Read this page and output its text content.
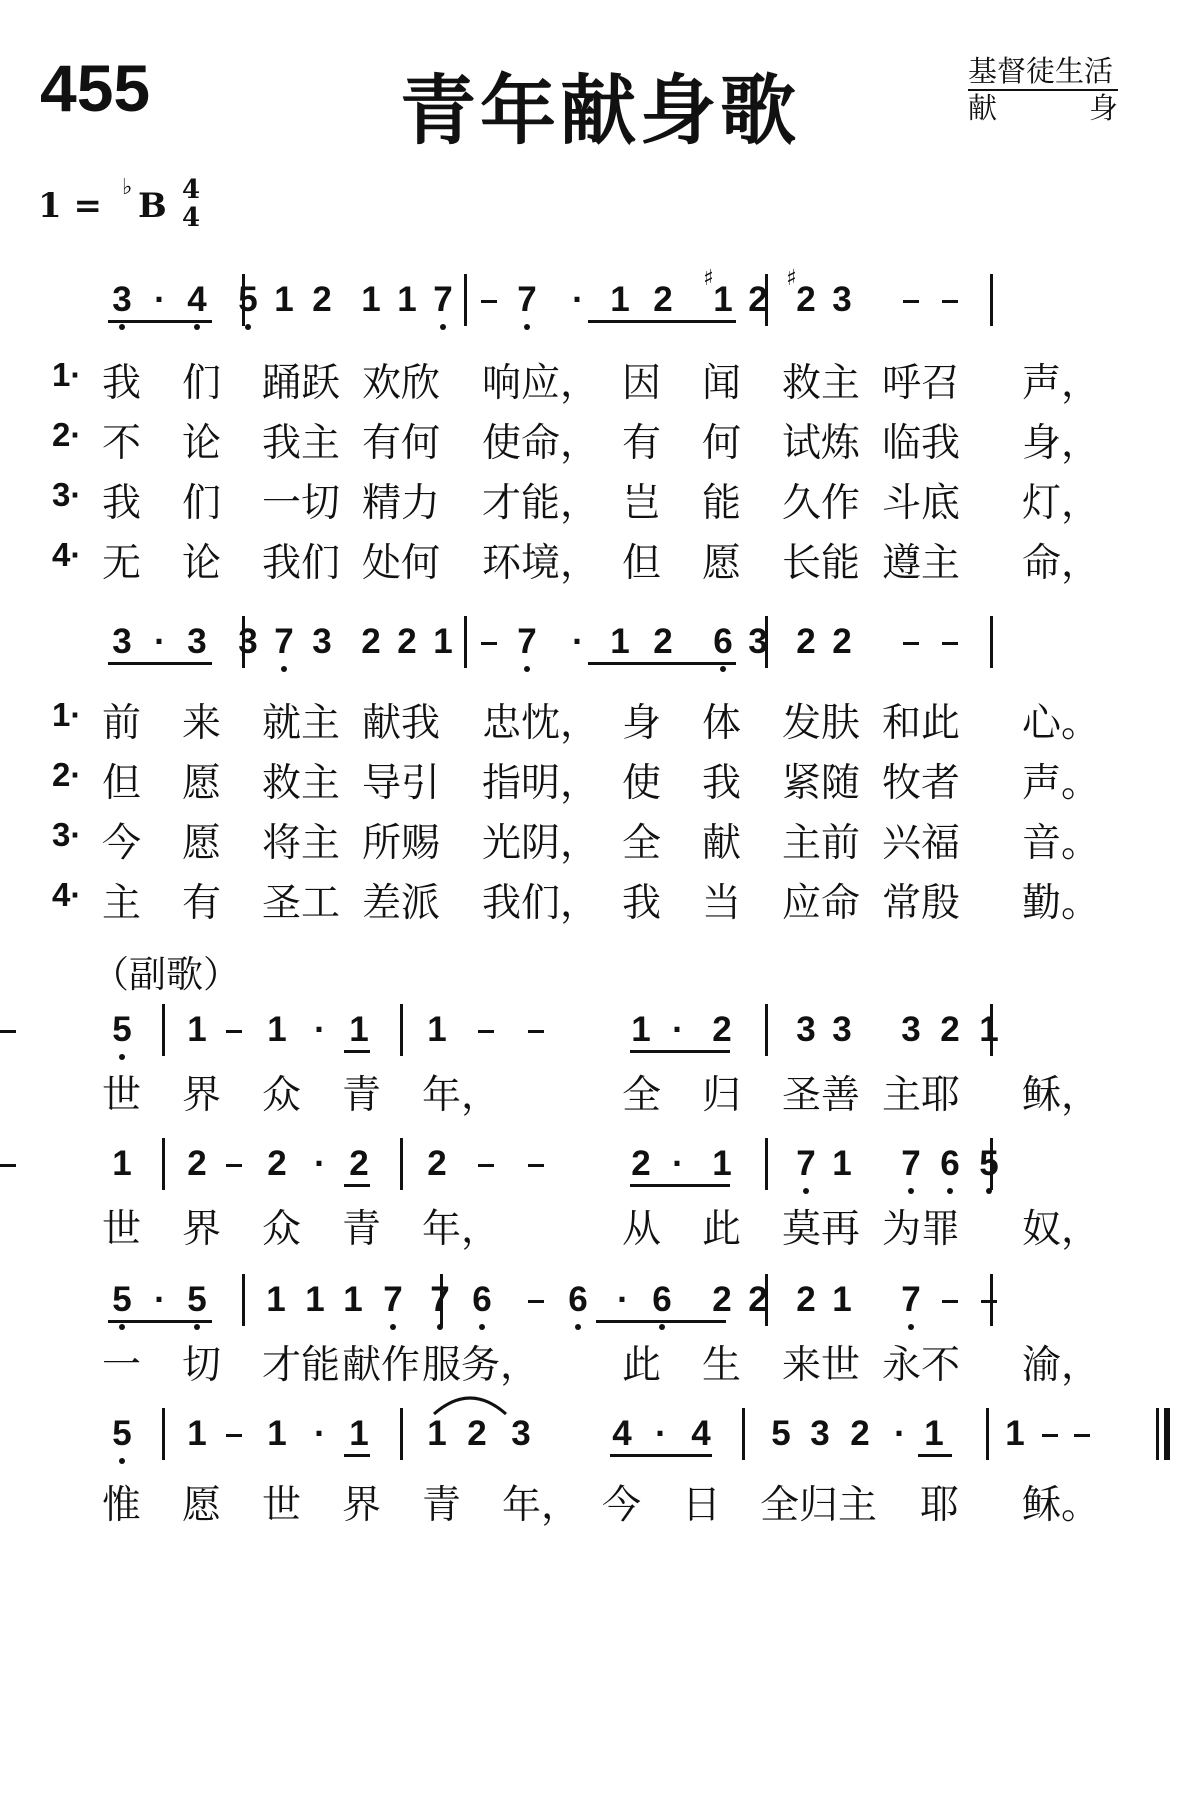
455	青年献身歌	基督徒生活
献	身
1 = ♭ B 4
4
（副歌）
3 · 4 5 1 2 1 1 7 7 · 1 2 1
♯
2 2
♯
3
1· 我 们 踊跃 欢欣 响应， 因 闻 救主 呼召 声，
2· 不 论 我主 有何 使命， 有 何 试炼 临我 身，
3· 我 们 一切 精力 才能， 岂 能 久作 斗底 灯，
4· 无 论 我们 处何 环境， 但 愿 长能 遵主 命，
3 · 3 3 7 3 2 2 1 7 · 1 2 6 3 2 2
1· 前 来 就主 献我 忠忱， 身 体 发肤 和此 心。
2· 但 愿 救主 导引 指明， 使 我 紧随 牧者 声。
3· 今 愿 将主 所赐 光阴， 全 献 主前 兴福 音。
4· 主 有 圣工 差派 我们， 我 当 应命 常殷 勤。
5 1 1 · 1 1	1 · 2 3 3 3 2 1
世 界 众 青 年，	全 归 圣善 主耶 稣，
1 2 2 · 2 2	2 · 1 7 1 7 6 5
世 界 众 青 年，	从 此 莫再 为罪 奴，
5 · 5 1 1 1 7 7 6 6 · 6 2 2 2 1 7
一 切 才能 献作 服务， 此 生 来世 永不 渝，
5 1 1 · 1 1 2 3 4 · 4 5 3 2 · 1 1
惟 愿 世 界 青 年， 今 日 全归主 耶 稣。
